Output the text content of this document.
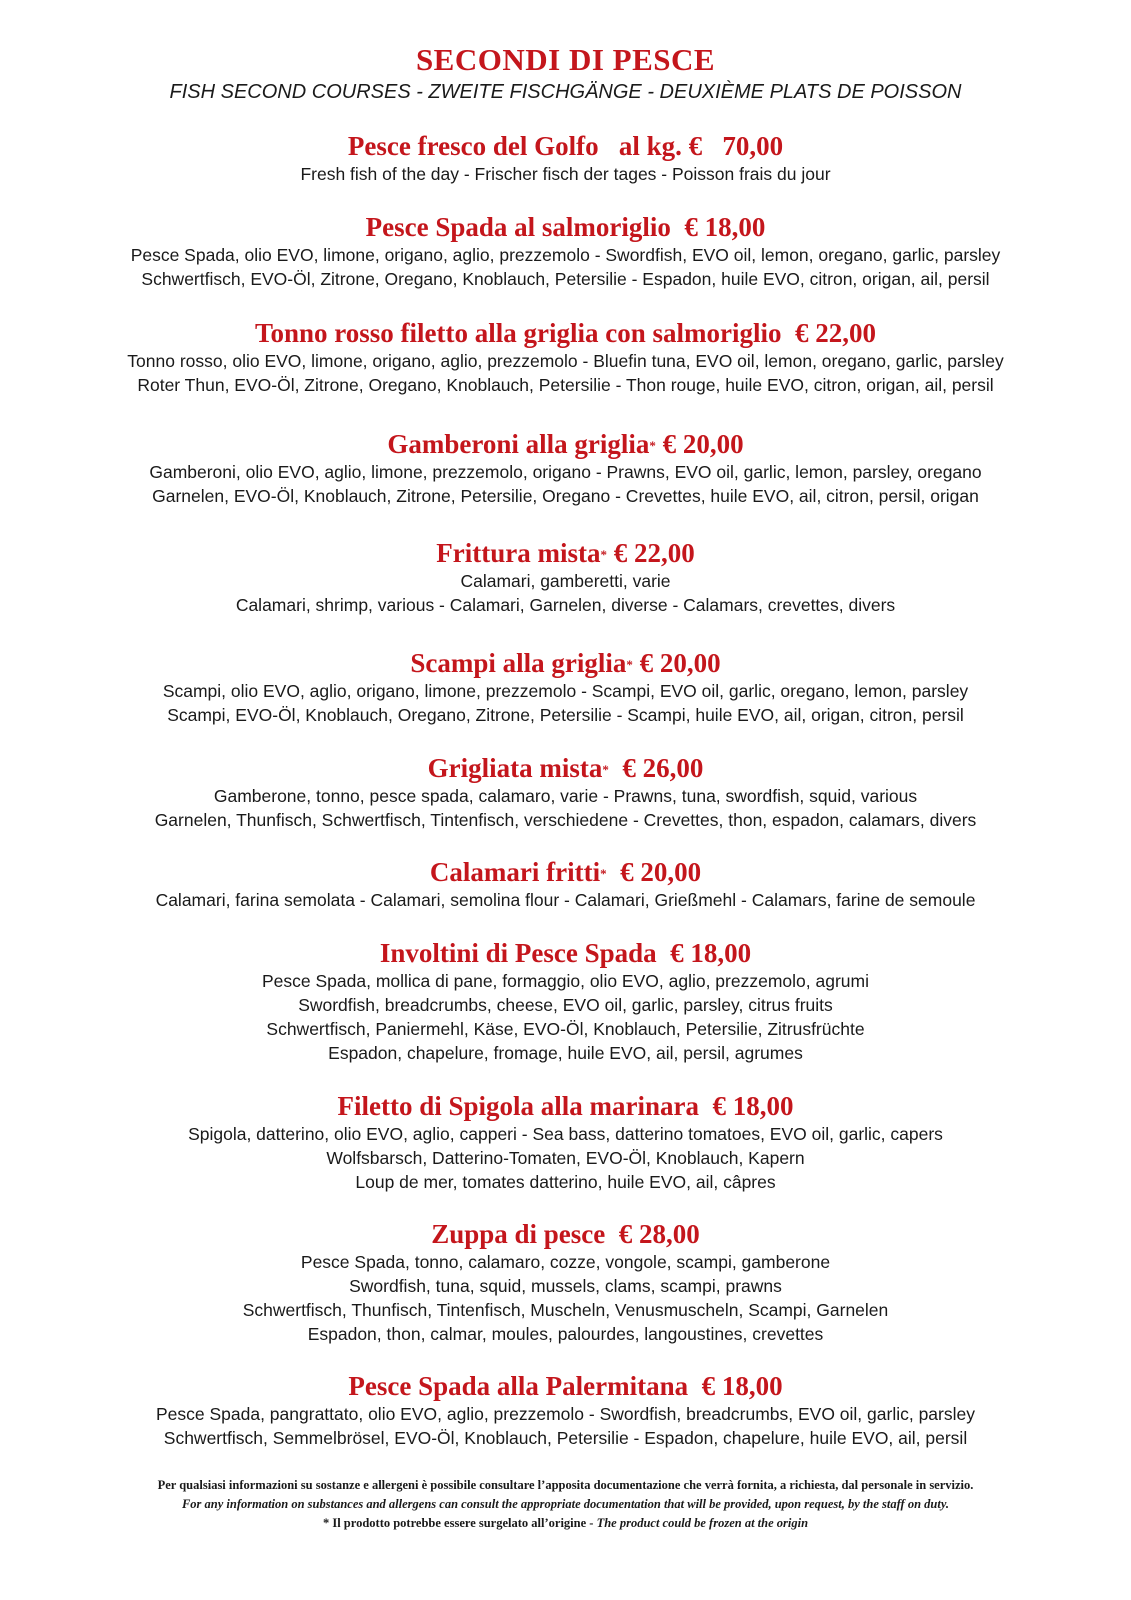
SECONDI DI PESCE
FISH SECOND COURSES - ZWEITE FISCHGÄNGE - DEUXIÈME PLATS DE POISSON
Pesce fresco del Golfo   al kg. €   70,00
Fresh fish of the day - Frischer fisch der tages - Poisson frais du jour
Pesce Spada al salmoriglio  € 18,00
Pesce Spada, olio EVO, limone, origano, aglio, prezzemolo - Swordfish, EVO oil, lemon, oregano, garlic, parsley
Schwertfisch, EVO-Öl, Zitrone, Oregano, Knoblauch, Petersilie - Espadon, huile EVO, citron, origan, ail, persil
Tonno rosso filetto alla griglia con salmoriglio  € 22,00
Tonno rosso, olio EVO, limone, origano, aglio, prezzemolo - Bluefin tuna, EVO oil, lemon, oregano, garlic, parsley
Roter Thun, EVO-Öl, Zitrone, Oregano, Knoblauch, Petersilie - Thon rouge, huile EVO, citron, origan, ail, persil
Gamberoni alla griglia* € 20,00
Gamberoni, olio EVO, aglio, limone, prezzemolo, origano - Prawns, EVO oil, garlic, lemon, parsley, oregano
Garnelen, EVO-Öl, Knoblauch, Zitrone, Petersilie, Oregano - Crevettes, huile EVO, ail, citron, persil, origan
Frittura mista* € 22,00
Calamari, gamberetti, varie
Calamari, shrimp, various - Calamari, Garnelen, diverse - Calamars, crevettes, divers
Scampi alla griglia* € 20,00
Scampi, olio EVO, aglio, origano, limone, prezzemolo - Scampi, EVO oil, garlic, oregano, lemon, parsley
Scampi, EVO-Öl, Knoblauch, Oregano, Zitrone, Petersilie - Scampi, huile EVO, ail, origan, citron, persil
Grigliata mista*  € 26,00
Gamberone, tonno, pesce spada, calamaro, varie - Prawns, tuna, swordfish, squid, various
Garnelen, Thunfisch, Schwertfisch, Tintenfisch, verschiedene - Crevettes, thon, espadon, calamars, divers
Calamari fritti*  € 20,00
Calamari, farina semolata - Calamari, semolina flour - Calamari, Grießmehl - Calamars, farine de semoule
Involtini di Pesce Spada  € 18,00
Pesce Spada, mollica di pane, formaggio, olio EVO, aglio, prezzemolo, agrumi
Swordfish, breadcrumbs, cheese, EVO oil, garlic, parsley, citrus fruits
Schwertfisch, Paniermehl, Käse, EVO-Öl, Knoblauch, Petersilie, Zitrusfrüchte
Espadon, chapelure, fromage, huile EVO, ail, persil, agrumes
Filetto di Spigola alla marinara  € 18,00
Spigola, datterino, olio EVO, aglio, capperi - Sea bass, datterino tomatoes, EVO oil, garlic, capers
Wolfsbarsch, Datterino-Tomaten, EVO-Öl, Knoblauch, Kapern
Loup de mer, tomates datterino, huile EVO, ail, câpres
Zuppa di pesce  € 28,00
Pesce Spada, tonno, calamaro, cozze, vongole, scampi, gamberone
Swordfish, tuna, squid, mussels, clams, scampi, prawns
Schwertfisch, Thunfisch, Tintenfisch, Muscheln, Venusmuscheln, Scampi, Garnelen
Espadon, thon, calmar, moules, palourdes, langoustines, crevettes
Pesce Spada alla Palermitana  € 18,00
Pesce Spada, pangrattato, olio EVO, aglio, prezzemolo - Swordfish, breadcrumbs, EVO oil, garlic, parsley
Schwertfisch, Semmelbrösel, EVO-Öl, Knoblauch, Petersilie - Espadon, chapelure, huile EVO, ail, persil
Per qualsiasi informazioni su sostanze e allergeni è possibile consultare l’apposita documentazione che verrà fornita, a richiesta, dal personale in servizio.
For any information on substances and allergens can consult the appropriate documentation that will be provided, upon request, by the staff on duty.
* Il prodotto potrebbe essere surgelato all’origine - The product could be frozen at the origin
